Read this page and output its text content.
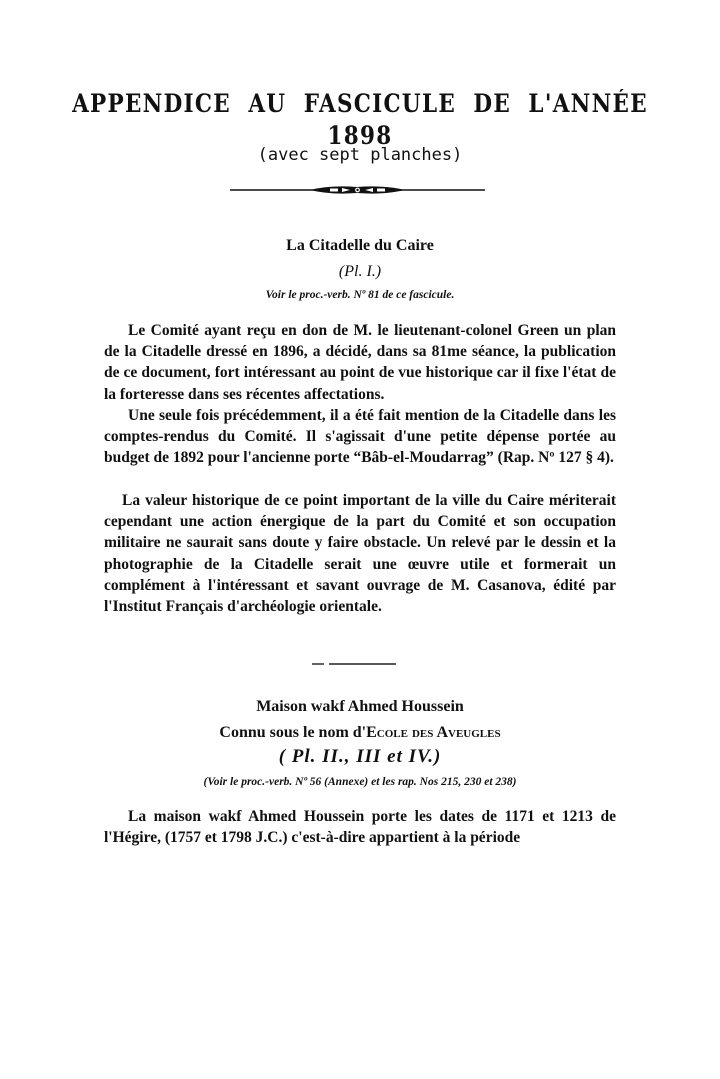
APPENDICE AU FASCICULE DE L'ANNÉE 1898
(avec sept planches)
La Citadelle du Caire
(Pl. I.)
Voir le proc.-verb. Nº 81 de ce fascicule.

Le Comité ayant reçu en don de M. le lieutenant-colonel Green un plan de la Citadelle dressé en 1896, a décidé, dans sa 81me séance, la publication de ce document, fort intéressant au point de vue historique car il fixe l'état de la forteresse dans ses récentes affectations.

Une seule fois précédemment, il a été fait mention de la Citadelle dans les comptes-rendus du Comité. Il s'agissait d'une petite dépense portée au budget de 1892 pour l'ancienne porte “Bâb-el-Moudarrag” (Rap. Nº 127 § 4).

La valeur historique de ce point important de la ville du Caire mériterait cependant une action énergique de la part du Comité et son occupation militaire ne saurait sans doute y faire obstacle. Un relevé par le dessin et la photographie de la Citadelle serait une œuvre utile et formerait un complément à l'intéressant et savant ouvrage de M. Casanova, édité par l'Institut Français d'archéologie orientale.

Maison wakf Ahmed Houssein
Connu sous le nom d'Ecole des Aveugles
( Pl. II., III et IV.)
(Voir le proc.-verb. Nº 56 (Annexe) et les rap. Nos 215, 230 et 238)

La maison wakf Ahmed Houssein porte les dates de 1171 et 1213 de l'Hégire, (1757 et 1798 J.C.) c'est-à-dire appartient à la période
